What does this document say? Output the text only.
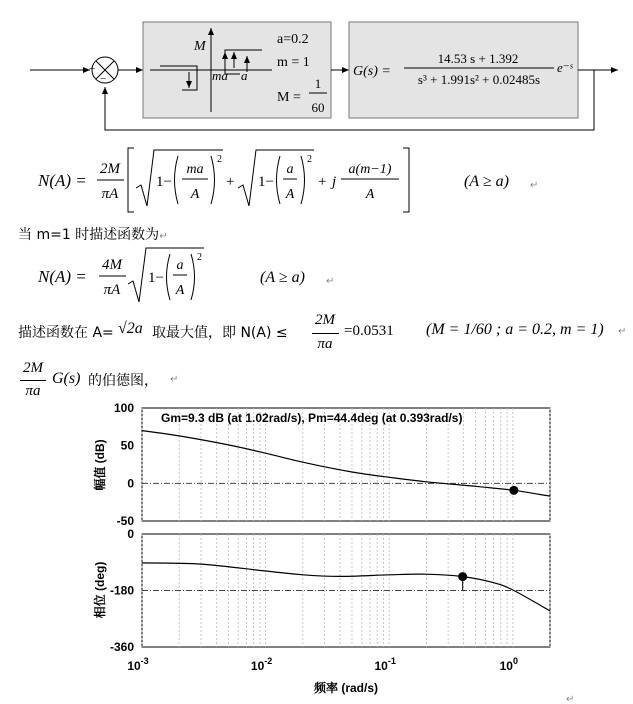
+
−
M
ma a
a=0.2
m = 1
M =
1
60
G(s) =
14.53 s + 1.392
s³ + 1.991s² + 0.02485s
e⁻ˢ
N(A) =
2M
πA
1−
ma
A
2
+ 1−
a
A
2
+ j
a(m−1)
A
(A ≥ a) ↵
当 m=1 时描述函数为↵
N(A) =
4M
πA
1−
a
A
2
(A ≥ a) ↵
描述函数在 A= √2a 取最大值，即 N(A) ≤
2M
πa
=0.0531 (M = 1/60 ; a = 0.2, m = 1) ↵
2M
πa
G(s) 的伯德图， ↵
Gm=9.3 dB (at 1.02rad/s), Pm=44.4deg (at 0.393rad/s)
100
50
0
-50
幅值 (dB)
0
-180
-360
相位 (deg)
$10^{-3}$	$10^{-2}$	$10^{-1}$	$10^0$
频率 (rad/s)
↵
